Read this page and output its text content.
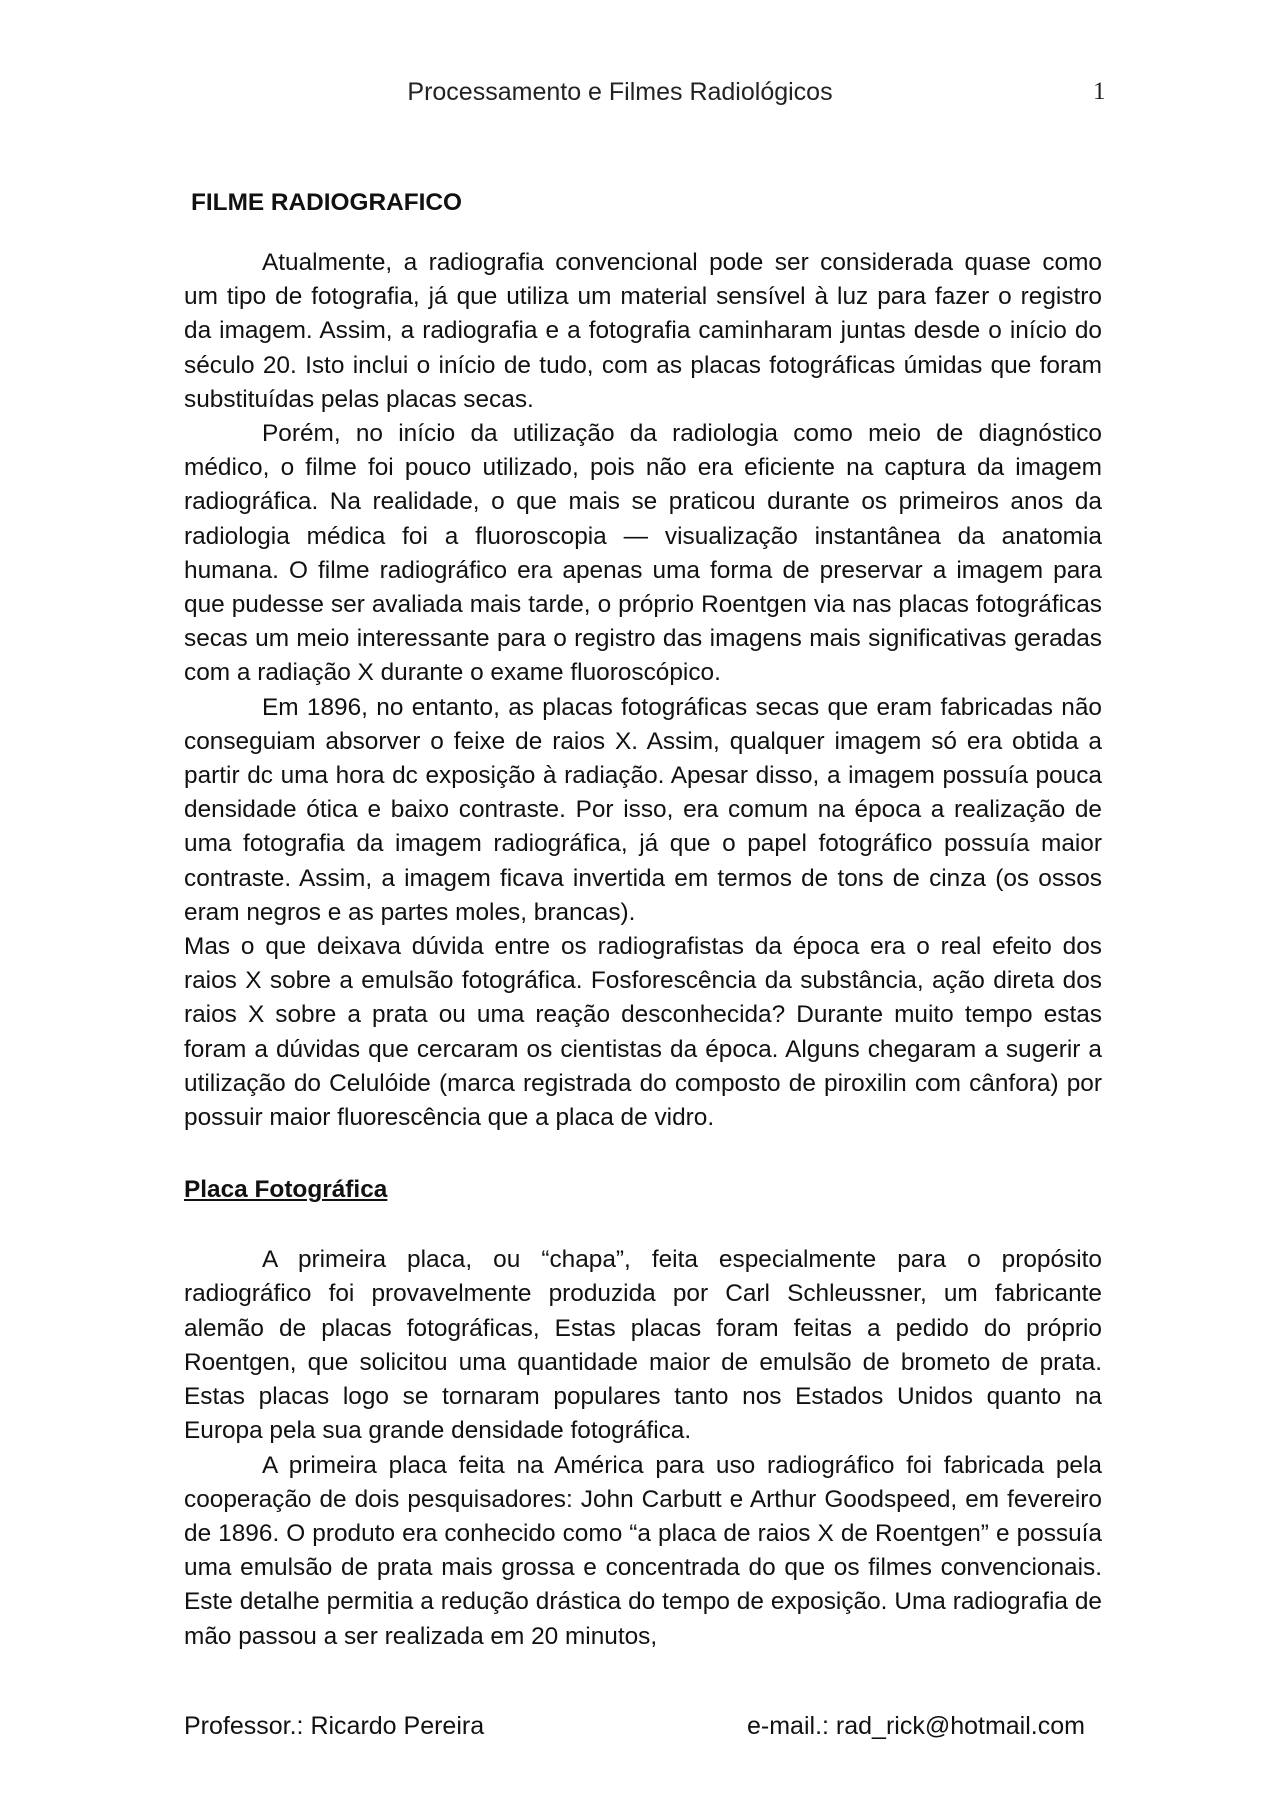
Processamento e Filmes Radiológicos	1
FILME RADIOGRAFICO

Atualmente, a radiografia convencional pode ser considerada quase como um tipo de fotografia, já que utiliza um material sensível à luz para fazer o registro da imagem. Assim, a radiografia e a fotografia caminharam juntas desde o início do século 20. Isto inclui o início de tudo, com as placas fotográficas úmidas que foram substituídas pelas placas secas.

Porém, no início da utilização da radiologia como meio de diagnóstico médico, o filme foi pouco utilizado, pois não era eficiente na captura da imagem radiográfica. Na realidade, o que mais se praticou durante os primeiros anos da radiologia médica foi a fluoroscopia — visualização instantânea da anatomia humana. O filme radiográfico era apenas uma forma de preservar a imagem para que pudesse ser avaliada mais tarde, o próprio Roentgen via nas placas fotográficas secas um meio interessante para o registro das imagens mais significativas geradas com a radiação X durante o exame fluoroscópico.

Em 1896, no entanto, as placas fotográficas secas que eram fabricadas não conseguiam absorver o feixe de raios X. Assim, qualquer imagem só era obtida a partir dc uma hora dc exposição à radiação. Apesar disso, a imagem possuía pouca densidade ótica e baixo contraste. Por isso, era comum na época a realização de uma fotografia da imagem radiográfica, já que o papel fotográfico possuía maior contraste. Assim, a imagem ficava invertida em termos de tons de cinza (os ossos eram negros e as partes moles, brancas).

Mas o que deixava dúvida entre os radiografistas da época era o real efeito dos raios X sobre a emulsão fotográfica. Fosforescência da substância, ação direta dos raios X sobre a prata ou uma reação desconhecida? Durante muito tempo estas foram a dúvidas que cercaram os cientistas da época. Alguns chegaram a sugerir a utilização do Celulóide (marca registrada do composto de piroxilin com cânfora) por possuir maior fluorescência que a placa de vidro.

Placa Fotográfica

A primeira placa, ou “chapa”, feita especialmente para o propósito radiográfico foi provavelmente produzida por Carl Schleussner, um fabricante alemão de placas fotográficas, Estas placas foram feitas a pedido do próprio Roentgen, que solicitou uma quantidade maior de emulsão de brometo de prata. Estas placas logo se tornaram populares tanto nos Estados Unidos quanto na Europa pela sua grande densidade fotográfica.

A primeira placa feita na América para uso radiográfico foi fabricada pela cooperação de dois pesquisadores: John Carbutt e Arthur Goodspeed, em fevereiro de 1896. O produto era conhecido como “a placa de raios X de Roentgen” e possuía uma emulsão de prata mais grossa e concentrada do que os filmes convencionais. Este detalhe permitia a redução drástica do tempo de exposição. Uma radiografia de mão passou a ser realizada em 20 minutos,

Professor.: Ricardo Pereira	e-mail.: rad_rick@hotmail.com
